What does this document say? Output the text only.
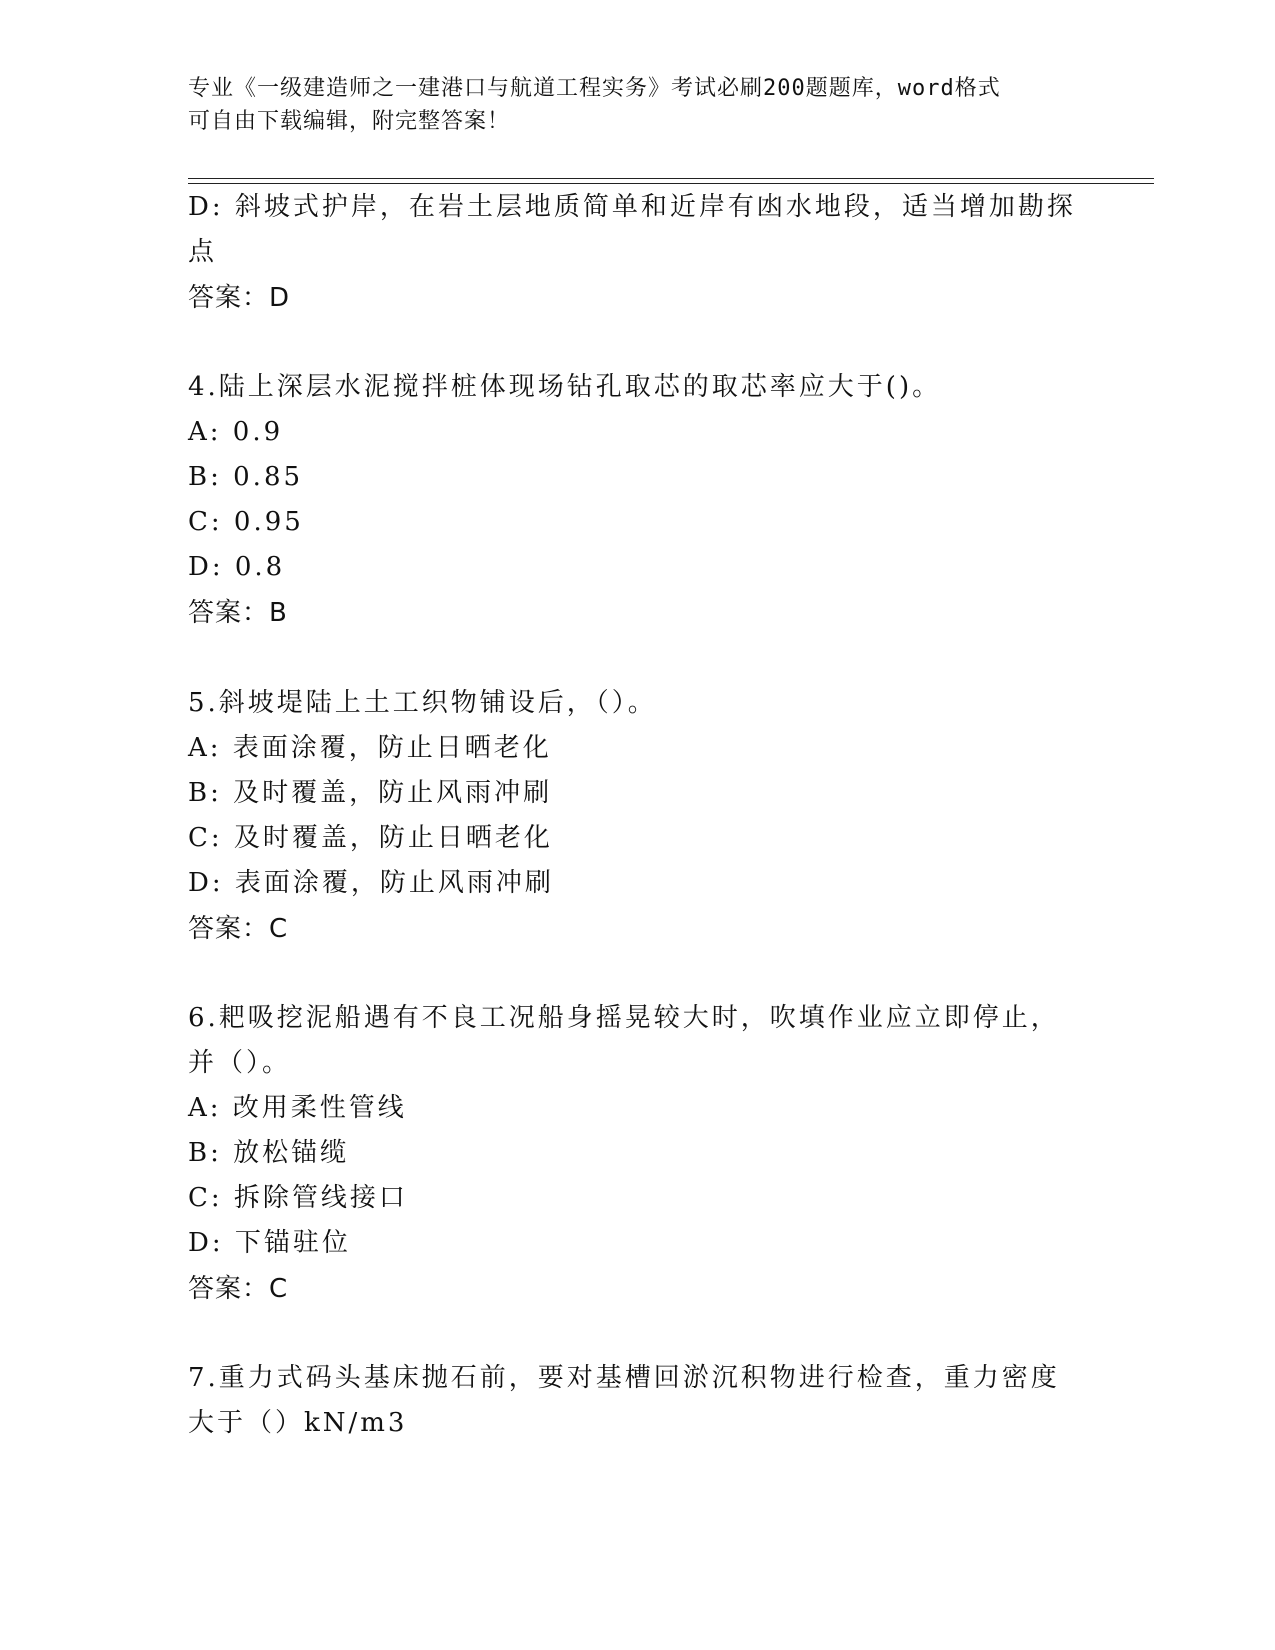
专业《一级建造师之一建港口与航道工程实务》考试必刷200题题库，word格式
可自由下载编辑，附完整答案！
D: 斜坡式护岸，在岩土层地质简单和近岸有凼水地段，适当增加勘探
点
答案：D
4.陆上深层水泥搅拌桩体现场钻孔取芯的取芯率应大于()。
A: 0.9
B: 0.85
C: 0.95
D: 0.8
答案：B
5.斜坡堤陆上土工织物铺设后，（）。
A: 表面涂覆，防止日晒老化
B: 及时覆盖，防止风雨冲刷
C: 及时覆盖，防止日晒老化
D: 表面涂覆，防止风雨冲刷
答案：C
6.耙吸挖泥船遇有不良工况船身摇晃较大时，吹填作业应立即停止，
并（）。
A: 改用柔性管线
B: 放松锚缆
C: 拆除管线接口
D: 下锚驻位
答案：C
7.重力式码头基床抛石前，要对基槽回淤沉积物进行检查，重力密度
大于（）kN/m3
